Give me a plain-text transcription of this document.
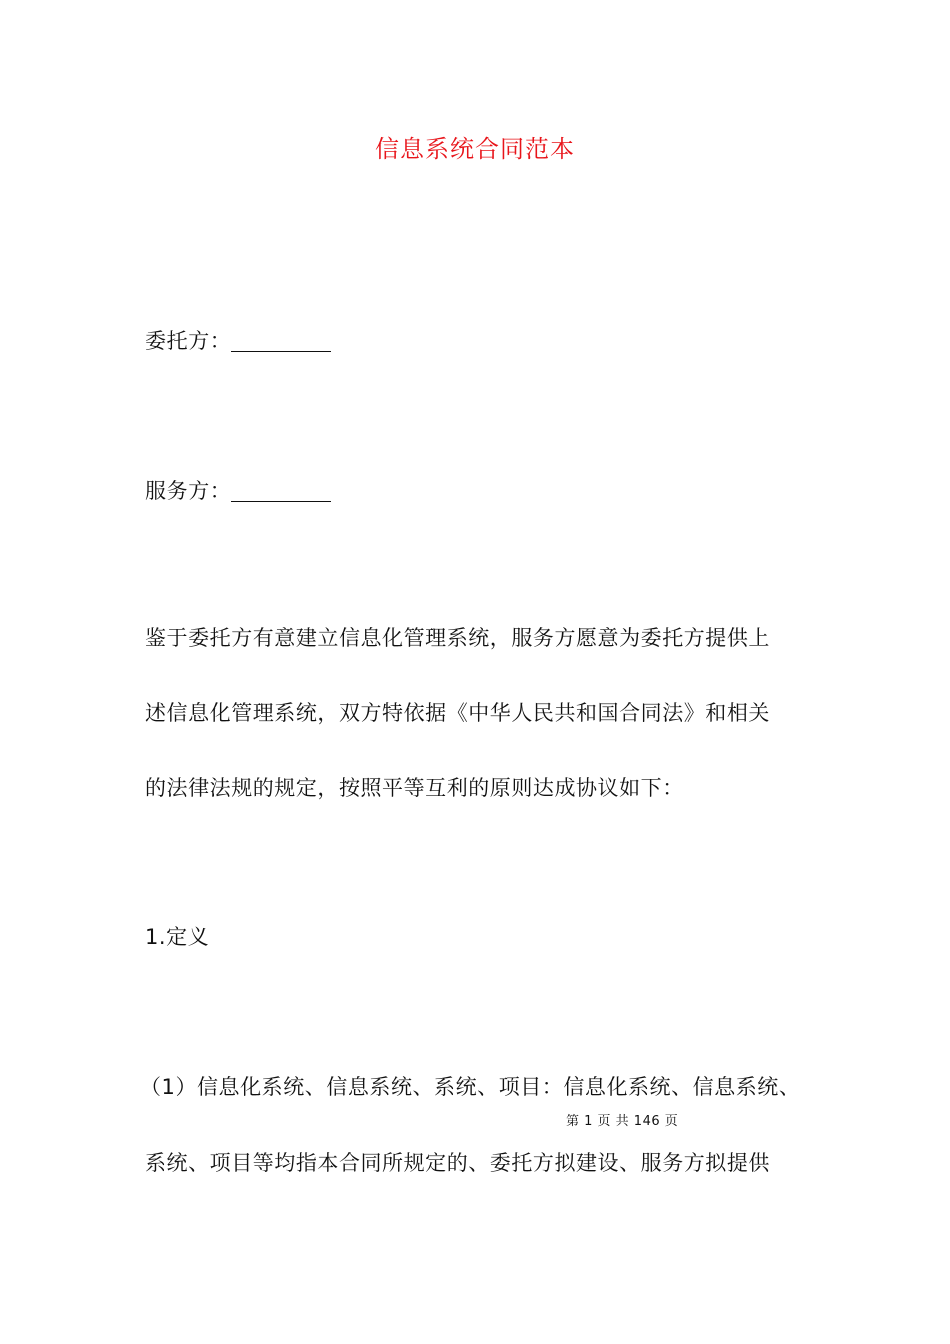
信息系统合同范本
委托方：
服务方：
鉴于委托方有意建立信息化管理系统，服务方愿意为委托方提供上
述信息化管理系统，双方特依据《中华人民共和国合同法》和相关
的法律法规的规定，按照平等互利的原则达成协议如下：
1.定义
（1）信息化系统、信息系统、系统、项目：信息化系统、信息系统、
第 1 页 共 146 页
系统、项目等均指本合同所规定的、委托方拟建设、服务方拟提供
